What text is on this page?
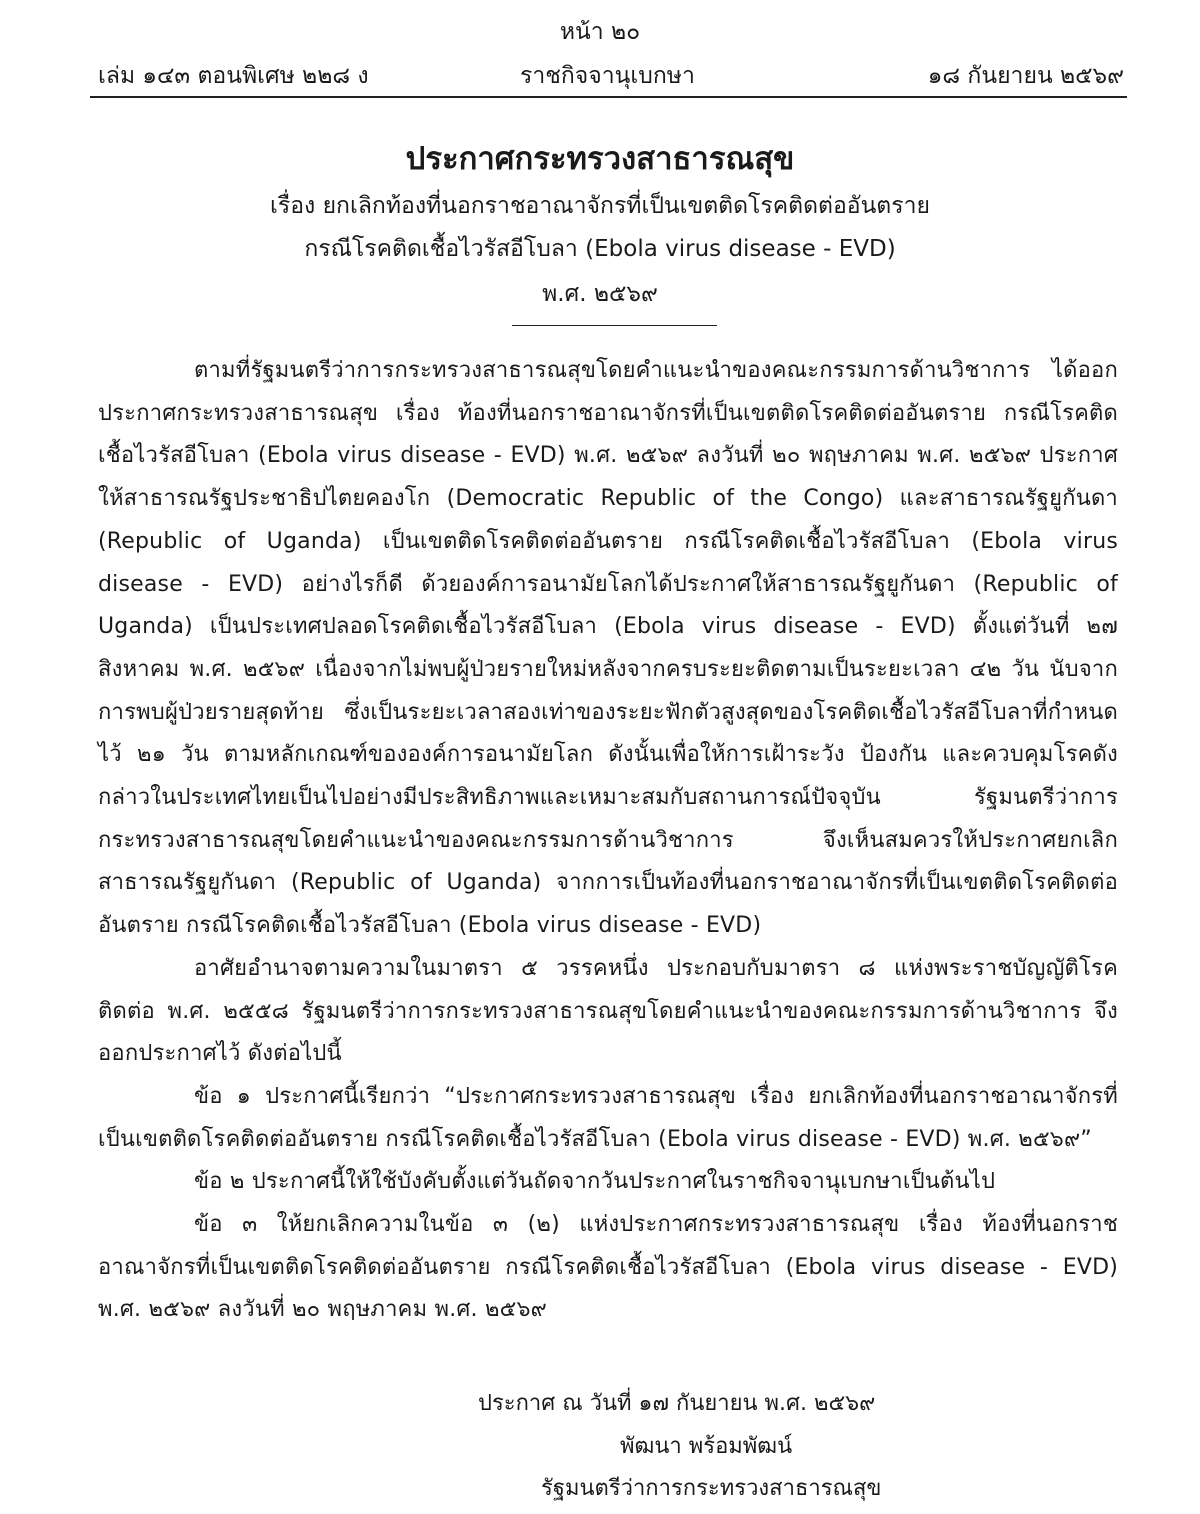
หน้า ๒๐
เล่ม ๑๔๓ ตอนพิเศษ ๒๒๘ ง	ราชกิจจานุเบกษา	๑๘ กันยายน ๒๕๖๙
ประกาศกระทรวงสาธารณสุข
เรื่อง ยกเลิกท้องที่นอกราชอาณาจักรที่เป็นเขตติดโรคติดต่ออันตราย
กรณีโรคติดเชื้อไวรัสอีโบลา (Ebola virus disease - EVD)
พ.ศ. ๒๕๖๙

ตามที่รัฐมนตรีว่าการกระทรวงสาธารณสุขโดยคำแนะนำของคณะกรรมการด้านวิชาการ ได้ออกประกาศกระทรวงสาธารณสุข เรื่อง ท้องที่นอกราชอาณาจักรที่เป็นเขตติดโรคติดต่ออันตราย กรณีโรคติดเชื้อไวรัสอีโบลา (Ebola virus disease - EVD) พ.ศ. ๒๕๖๙ ลงวันที่ ๒๐ พฤษภาคม พ.ศ. ๒๕๖๙ ประกาศให้สาธารณรัฐประชาธิปไตยคองโก (Democratic Republic of the Congo) และสาธารณรัฐยูกันดา (Republic of Uganda) เป็นเขตติดโรคติดต่ออันตราย กรณีโรคติดเชื้อไวรัสอีโบลา (Ebola virus disease - EVD) อย่างไรก็ดี ด้วยองค์การอนามัยโลกได้ประกาศให้สาธารณรัฐยูกันดา (Republic of Uganda) เป็นประเทศปลอดโรคติดเชื้อไวรัสอีโบลา (Ebola virus disease - EVD) ตั้งแต่วันที่ ๒๗ สิงหาคม พ.ศ. ๒๕๖๙ เนื่องจากไม่พบผู้ป่วยรายใหม่หลังจากครบระยะติดตามเป็นระยะเวลา ๔๒ วัน นับจากการพบผู้ป่วยรายสุดท้าย ซึ่งเป็นระยะเวลาสองเท่าของระยะฟักตัวสูงสุดของโรคติดเชื้อไวรัสอีโบลาที่กำหนดไว้ ๒๑ วัน ตามหลักเกณฑ์ขององค์การอนามัยโลก ดังนั้นเพื่อให้การเฝ้าระวัง ป้องกัน และควบคุมโรคดังกล่าวในประเทศไทยเป็นไปอย่างมีประสิทธิภาพและเหมาะสมกับสถานการณ์ปัจจุบัน รัฐมนตรีว่าการกระทรวงสาธารณสุขโดยคำแนะนำของคณะกรรมการด้านวิชาการ จึงเห็นสมควรให้ประกาศยกเลิกสาธารณรัฐยูกันดา (Republic of Uganda) จากการเป็นท้องที่นอกราชอาณาจักรที่เป็นเขตติดโรคติดต่ออันตราย กรณีโรคติดเชื้อไวรัสอีโบลา (Ebola virus disease - EVD)

อาศัยอำนาจตามความในมาตรา ๕ วรรคหนึ่ง ประกอบกับมาตรา ๘ แห่งพระราชบัญญัติโรคติดต่อ พ.ศ. ๒๕๕๘ รัฐมนตรีว่าการกระทรวงสาธารณสุขโดยคำแนะนำของคณะกรรมการด้านวิชาการ จึงออกประกาศไว้ ดังต่อไปนี้

ข้อ ๑ ประกาศนี้เรียกว่า “ประกาศกระทรวงสาธารณสุข เรื่อง ยกเลิกท้องที่นอกราชอาณาจักรที่เป็นเขตติดโรคติดต่ออันตราย กรณีโรคติดเชื้อไวรัสอีโบลา (Ebola virus disease - EVD) พ.ศ. ๒๕๖๙”

ข้อ ๒ ประกาศนี้ให้ใช้บังคับตั้งแต่วันถัดจากวันประกาศในราชกิจจานุเบกษาเป็นต้นไป

ข้อ ๓ ให้ยกเลิกความในข้อ ๓ (๒) แห่งประกาศกระทรวงสาธารณสุข เรื่อง ท้องที่นอกราชอาณาจักรที่เป็นเขตติดโรคติดต่ออันตราย กรณีโรคติดเชื้อไวรัสอีโบลา (Ebola virus disease - EVD) พ.ศ. ๒๕๖๙ ลงวันที่ ๒๐ พฤษภาคม พ.ศ. ๒๕๖๙

ประกาศ ณ วันที่ ๑๗ กันยายน พ.ศ. ๒๕๖๙
พัฒนา พร้อมพัฒน์
รัฐมนตรีว่าการกระทรวงสาธารณสุข
